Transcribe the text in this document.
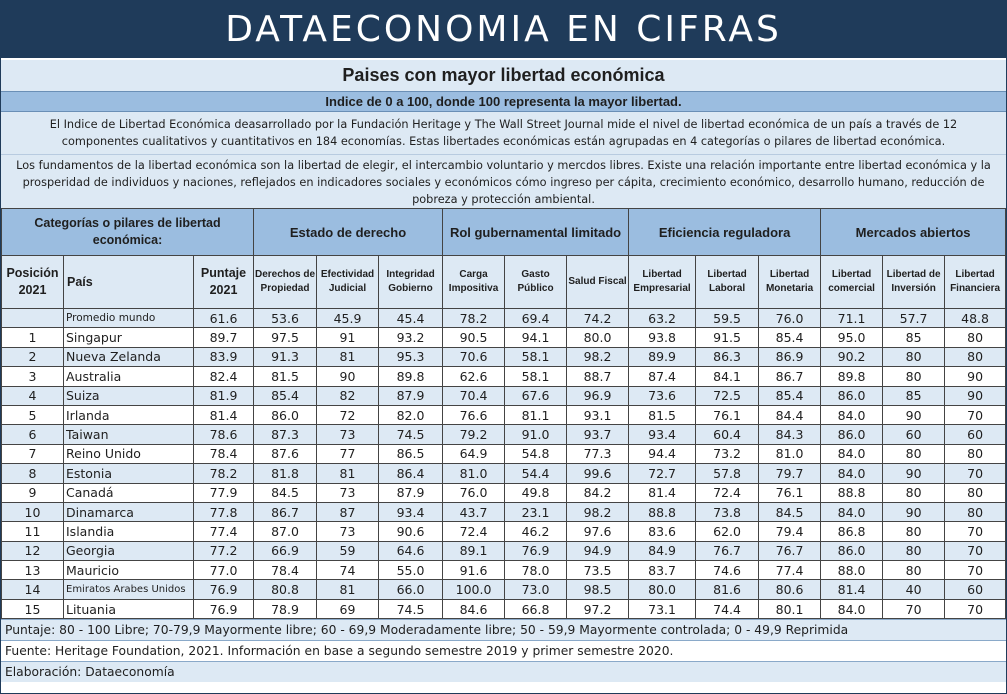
DATAECONOMIA EN CIFRAS
Paises con mayor libertad económica
Indice de 0 a 100, donde 100 representa la mayor libertad.
El Indice de Libertad Económica deasarrollado por la Fundación Heritage y The Wall Street Journal mide el nivel de libertad económica de un país a través de 12 componentes cualitativos y cuantitativos en 184 economías. Estas libertades económicas están agrupadas en 4 categorías o pilares de libertad económica.
Los fundamentos de la libertad económica son la libertad de elegir, el intercambio voluntario y mercdos libres. Existe una relación importante entre libertad económica y la prosperidad de individuos y naciones, reflejados en indicadores sociales y económicos cómo ingreso per cápita, crecimiento económico, desarrollo humano, reducción de pobreza y protección ambiental.
Categorías o pilares de libertad económica:			Estado de derecho			Rol gubernamental limitado			Eficiencia reguladora			Mercados abiertos		
Posición 2021	País	Puntaje 2021	Derechos de Propiedad	Efectividad Judicial	Integridad Gobierno	Carga Impositiva	Gasto Público	Salud Fiscal	Libertad Empresarial	Libertad Laboral	Libertad Monetaria	Libertad comercial	Libertad de Inversión	Libertad Financiera
	Promedio mundo	61.6	53.6	45.9	45.4	78.2	69.4	74.2	63.2	59.5	76.0	71.1	57.7	48.8
1	Singapur	89.7	97.5	91	93.2	90.5	94.1	80.0	93.8	91.5	85.4	95.0	85	80
2	Nueva Zelanda	83.9	91.3	81	95.3	70.6	58.1	98.2	89.9	86.3	86.9	90.2	80	80
3	Australia	82.4	81.5	90	89.8	62.6	58.1	88.7	87.4	84.1	86.7	89.8	80	90
4	Suiza	81.9	85.4	82	87.9	70.4	67.6	96.9	73.6	72.5	85.4	86.0	85	90
5	Irlanda	81.4	86.0	72	82.0	76.6	81.1	93.1	81.5	76.1	84.4	84.0	90	70
6	Taiwan	78.6	87.3	73	74.5	79.2	91.0	93.7	93.4	60.4	84.3	86.0	60	60
7	Reino Unido	78.4	87.6	77	86.5	64.9	54.8	77.3	94.4	73.2	81.0	84.0	80	80
8	Estonia	78.2	81.8	81	86.4	81.0	54.4	99.6	72.7	57.8	79.7	84.0	90	70
9	Canadá	77.9	84.5	73	87.9	76.0	49.8	84.2	81.4	72.4	76.1	88.8	80	80
10	Dinamarca	77.8	86.7	87	93.4	43.7	23.1	98.2	88.8	73.8	84.5	84.0	90	80
11	Islandia	77.4	87.0	73	90.6	72.4	46.2	97.6	83.6	62.0	79.4	86.8	80	70
12	Georgia	77.2	66.9	59	64.6	89.1	76.9	94.9	84.9	76.7	76.7	86.0	80	70
13	Mauricio	77.0	78.4	74	55.0	91.6	78.0	73.5	83.7	74.6	77.4	88.0	80	70
14	Emiratos Arabes Unidos	76.9	80.8	81	66.0	100.0	73.0	98.5	80.0	81.6	80.6	81.4	40	60
15	Lituania	76.9	78.9	69	74.5	84.6	66.8	97.2	73.1	74.4	80.1	84.0	70	70
Puntaje: 80 - 100 Libre; 70-79,9 Mayormente libre; 60 - 69,9 Moderadamente libre; 50 - 59,9 Mayormente controlada; 0 - 49,9 Reprimida
Fuente: Heritage Foundation, 2021. Información en base a segundo semestre 2019 y primer semestre 2020.
Elaboración: Dataeconomía
